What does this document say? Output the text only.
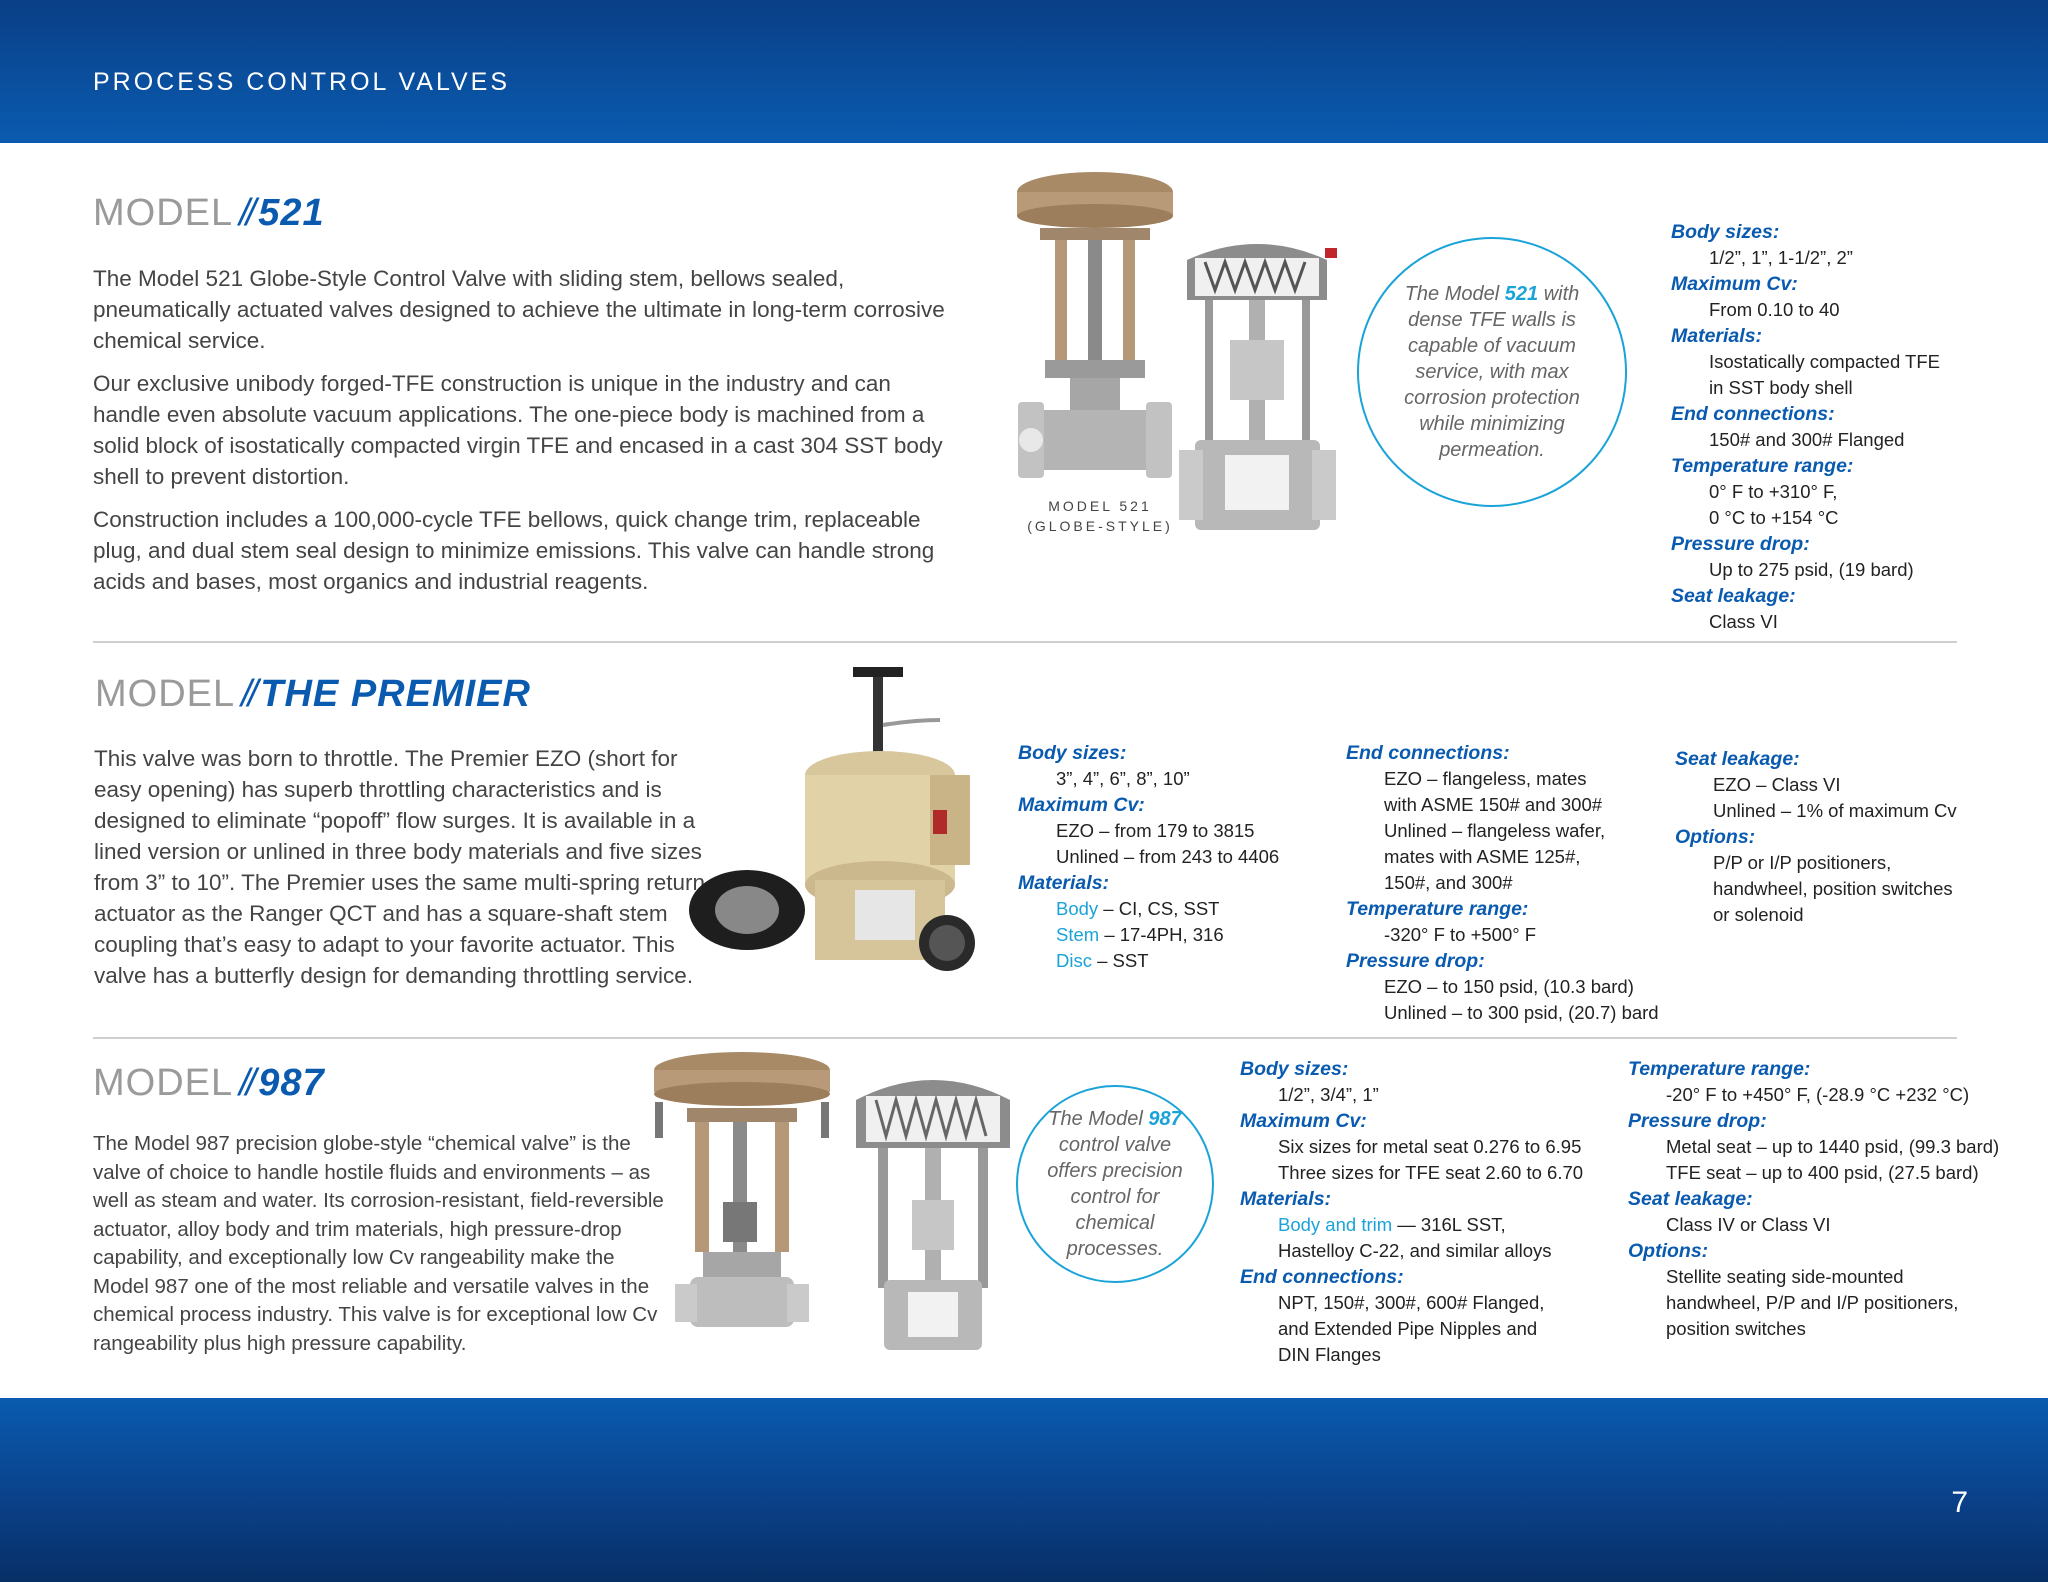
PROCESS CONTROL VALVES
MODEL // 521

The Model 521 Globe-Style Control Valve with sliding stem, bellows sealed, pneumatically actuated valves designed to achieve the ultimate in long-term corrosive chemical service.

Our exclusive unibody forged-TFE construction is unique in the industry and can handle even absolute vacuum applications. The one-piece body is machined from a solid block of isostatically compacted virgin TFE and encased in a cast 304 SST body shell to prevent distortion.

Construction includes a 100,000-cycle TFE bellows, quick change trim, replaceable plug, and dual stem seal design to minimize emissions. This valve can handle strong acids and bases, most organics and industrial reagents.

MODEL 521
(GLOBE-STYLE)
The Model 521 with dense TFE walls is capable of vacuum service, with max corrosion protection while minimizing permeation.
Body sizes:
1/2”, 1”, 1-1/2”, 2”
Maximum Cv:
From 0.10 to 40
Materials:
Isostatically compacted TFE
in SST body shell
End connections:
150# and 300# Flanged
Temperature range:
0° F to +310° F,
0 °C to +154 °C
Pressure drop:
Up to 275 psid, (19 bard)
Seat leakage:
Class VI
MODEL // THE PREMIER

This valve was born to throttle. The Premier EZO (short for easy opening) has superb throttling characteristics and is designed to eliminate “popoff” flow surges. It is available in a lined version or unlined in three body materials and five sizes from 3” to 10”. The Premier uses the same multi-spring return actuator as the Ranger QCT and has a square-shaft stem coupling that’s easy to adapt to your favorite actuator. This valve has a butterfly design for demanding throttling service.

Body sizes:
3”, 4”, 6”, 8”, 10”
Maximum Cv:
EZO – from 179 to 3815
Unlined – from 243 to 4406
Materials:
Body – CI, CS, SST
Stem – 17-4PH, 316
Disc – SST
End connections:
EZO – flangeless, mates
with ASME 150# and 300#
Unlined – flangeless wafer,
mates with ASME 125#,
150#, and 300#
Temperature range:
-320° F to +500° F
Pressure drop:
EZO – to 150 psid, (10.3 bard)
Unlined – to 300 psid, (20.7) bard
Seat leakage:
EZO – Class VI
Unlined – 1% of maximum Cv
Options:
P/P or I/P positioners,
handwheel, position switches
or solenoid
MODEL // 987

The Model 987 precision globe-style “chemical valve” is the valve of choice to handle hostile fluids and environments – as well as steam and water. Its corrosion-resistant, field-reversible actuator, alloy body and trim materials, high pressure-drop capability, and exceptionally low Cv rangeability make the Model 987 one of the most reliable and versatile valves in the chemical process industry. This valve is for exceptional low Cv rangeability plus high pressure capability.

The Model 987 control valve offers precision control for chemical processes.
Body sizes:
1/2”, 3/4”, 1”
Maximum Cv:
Six sizes for metal seat 0.276 to 6.95
Three sizes for TFE seat 2.60 to 6.70
Materials:
Body and trim — 316L SST,
Hastelloy C-22, and similar alloys
End connections:
NPT, 150#, 300#, 600# Flanged,
and Extended Pipe Nipples and
DIN Flanges
Temperature range:
-20° F to +450° F, (-28.9 °C +232 °C)
Pressure drop:
Metal seat – up to 1440 psid, (99.3 bard)
TFE seat – up to 400 psid, (27.5 bard)
Seat leakage:
Class IV or Class VI
Options:
Stellite seating side-mounted
handwheel, P/P and I/P positioners,
position switches
7
